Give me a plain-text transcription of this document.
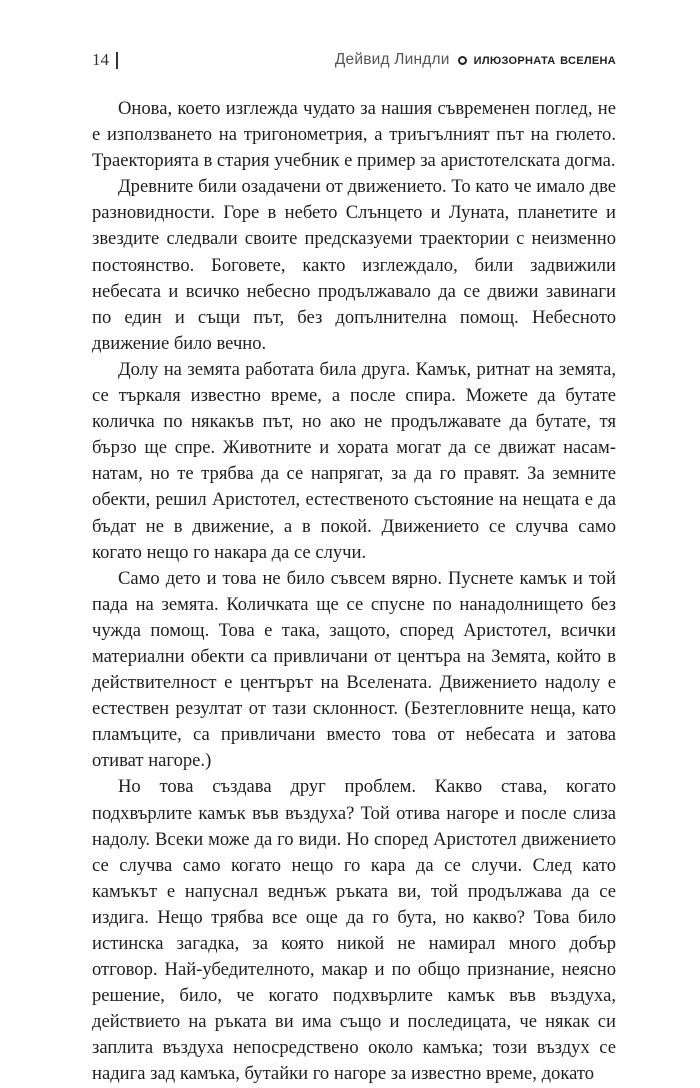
14	Дейвид Линдли илюзорната вселена

Онова, което изглежда чудато за нашия съвременен поглед, не е използването на тригонометрия, а триъгълният път на гюлето. Траекторията в стария учебник е пример за аристотелската догма.

Древните били озадачени от движението. То като че имало две разновидности. Горе в небето Слънцето и Луната, планетите и звездите следвали своите предсказуеми траектории с неизменно постоянство. Боговете, както изглеждало, били задвижили небесата и всичко небесно продължавало да се движи завинаги по един и същи път, без допълнителна помощ. Небесното движение било вечно.

Долу на земята работата била друга. Камък, ритнат на земята, се търкаля известно време, а после спира. Можете да бутате количка по някакъв път, но ако не продължавате да бутате, тя бързо ще спре. Животните и хората могат да се движат насам-натам, но те трябва да се напрягат, за да го правят. За земните обекти, решил Аристотел, естественото състояние на нещата е да бъдат не в движение, а в покой. Движението се случва само когато нещо го накара да се случи.

Само дето и това не било съвсем вярно. Пуснете камък и той пада на земята. Количката ще се спусне по нанадолнището без чужда помощ. Това е така, защото, според Аристотел, всички материални обекти са привличани от центъра на Земята, който в действителност е центърът на Вселената. Движението надолу е естествен резултат от тази склонност. (Безтегловните неща, като пламъците, са привличани вместо това от небесата и затова отиват нагоре.)

Но това създава друг проблем. Какво става, когато подхвърлите камък във въздуха? Той отива нагоре и после слиза надолу. Всеки може да го види. Но според Аристотел движението се случва само когато нещо го кара да се случи. След като камъкът е напуснал веднъж ръката ви, той продължава да се издига. Нещо трябва все още да го бута, но какво? Това било истинска загадка, за която никой не намирал много добър отговор. Най-убедителното, макар и по общо признание, неясно решение, било, че когато подхвърлите камък във въздуха, действието на ръката ви има също и последицата, че някак си заплита въздуха непосредствено около камъка; този въздух се надига зад камъка, бутайки го нагоре за известно време, докато
